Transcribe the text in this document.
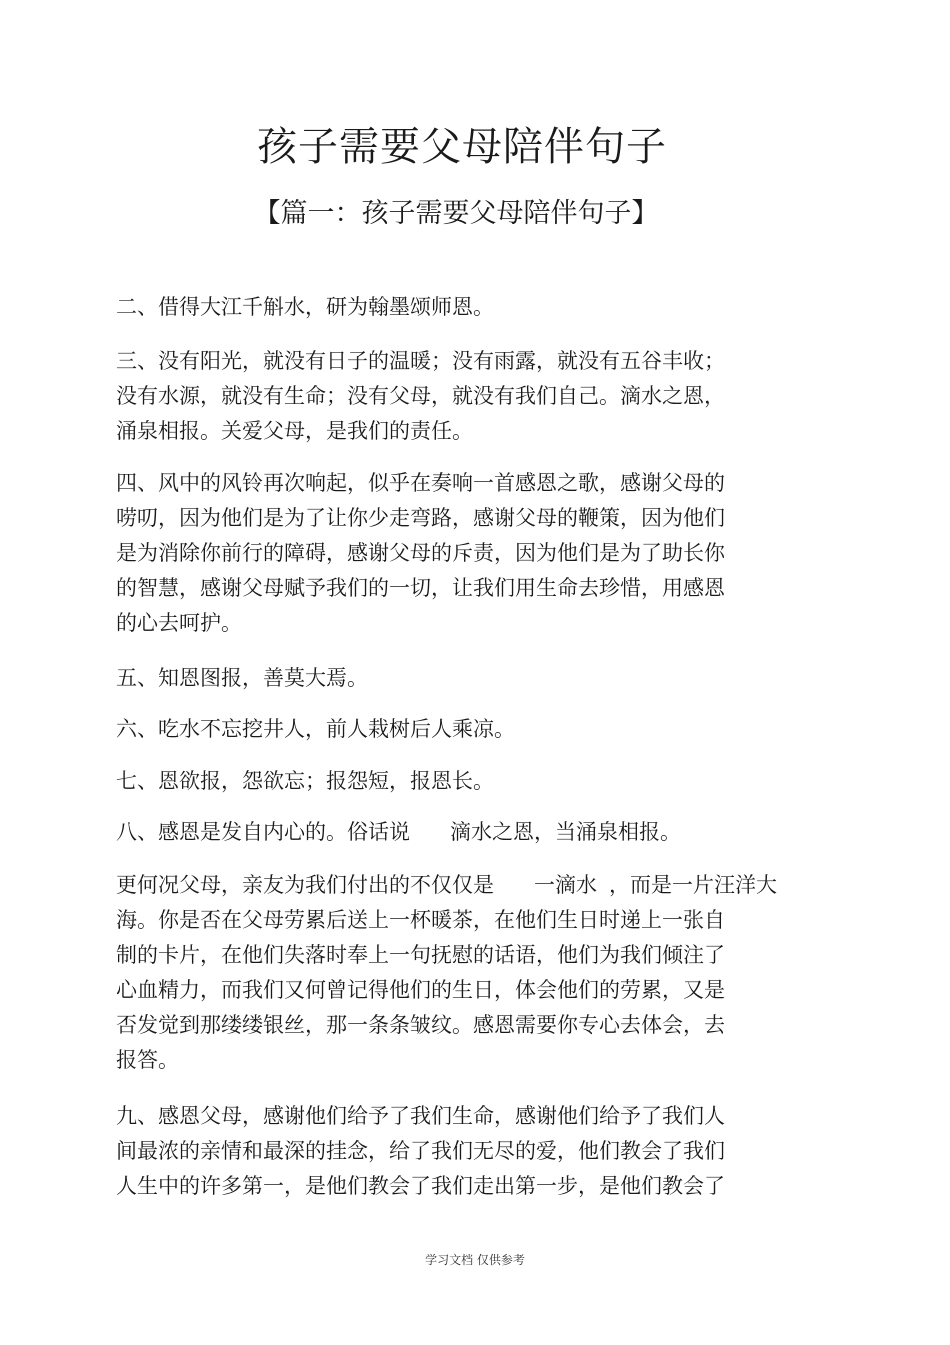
孩子需要父母陪伴句子
【篇一：孩子需要父母陪伴句子】
二、借得大江千斛水，研为翰墨颂师恩。
三、没有阳光，就没有日子的温暖；没有雨露，就没有五谷丰收；
没有水源，就没有生命；没有父母，就没有我们自己。滴水之恩，
涌泉相报。关爱父母，是我们的责任。
四、风中的风铃再次响起，似乎在奏响一首感恩之歌，感谢父母的
唠叨，因为他们是为了让你少走弯路，感谢父母的鞭策，因为他们
是为消除你前行的障碍，感谢父母的斥责，因为他们是为了助长你
的智慧，感谢父母赋予我们的一切，让我们用生命去珍惜，用感恩
的心去呵护。
五、知恩图报，善莫大焉。
六、吃水不忘挖井人，前人栽树后人乘凉。
七、恩欲报，怨欲忘；报怨短，报恩长。
八、感恩是发自内心的。俗话说 滴水之恩，当涌泉相报。
更何况父母，亲友为我们付出的不仅仅是 一滴水 ，而是一片汪洋大
海。你是否在父母劳累后送上一杯暖茶，在他们生日时递上一张自
制的卡片，在他们失落时奉上一句抚慰的话语，他们为我们倾注了
心血精力，而我们又何曾记得他们的生日，体会他们的劳累，又是
否发觉到那缕缕银丝，那一条条皱纹。感恩需要你专心去体会，去
报答。
九、感恩父母，感谢他们给予了我们生命，感谢他们给予了我们人
间最浓的亲情和最深的挂念，给了我们无尽的爱，他们教会了我们
人生中的许多第一，是他们教会了我们走出第一步，是他们教会了
学习文档 仅供参考
